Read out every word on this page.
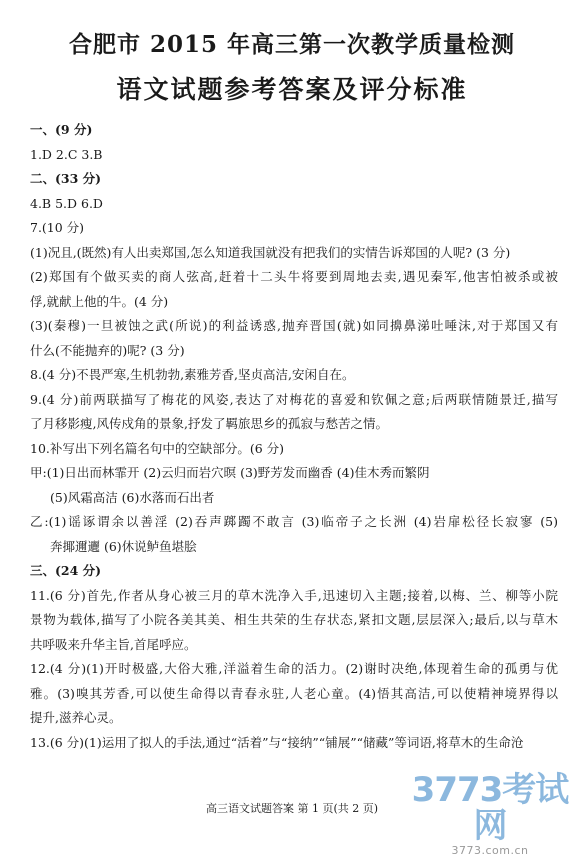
合肥市 2015 年高三第一次教学质量检测
语文试题参考答案及评分标准
一、(9 分)
1.D 2.C 3.B
二、(33 分)
4.B 5.D 6.D
7.(10 分)
(1)况且,(既然)有人出卖郑国,怎么知道我国就没有把我们的实情告诉郑国的人呢? (3 分)
(2)郑国有个做买卖的商人弦高,赶着十二头牛将要到周地去卖,遇见秦军,他害怕被杀或被
俘,就献上他的牛。(4 分)
(3)(秦穆)一旦被蚀之武(所说)的利益诱惑,抛弃晋国(就)如同擤鼻涕吐唾沫,对于郑国又有
什么(不能抛弃的)呢? (3 分)
8.(4 分)不畏严寒,生机勃勃,素雅芳香,坚贞高洁,安闲自在。
9.(4 分)前两联描写了梅花的风姿,表达了对梅花的喜爱和钦佩之意;后两联情随景迁,描写
了月移影瘦,风传戍角的景象,抒发了羁旅思乡的孤寂与愁苦之情。
10.补写出下列名篇名句中的空缺部分。(6 分)
甲:(1)日出而林霏开 (2)云归而岩穴暝 (3)野芳发而幽香 (4)佳木秀而繁阴
(5)风霜高洁 (6)水落而石出者
乙:(1)谣诼谓余以善淫 (2)吞声踯躅不敢言 (3)临帝子之长洲 (4)岩扉松径长寂寥 (5)
奔揶邇邐 (6)休说鲈鱼堪脍
三、(24 分)
11.(6 分)首先,作者从身心被三月的草木洗净入手,迅速切入主题;接着,以梅、兰、柳等小院
景物为载体,描写了小院各美其美、相生共荣的生存状态,紧扣文题,层层深入;最后,以与草木
共呼吸来升华主旨,首尾呼应。
12.(4 分)(1)开时极盛,大俗大雅,洋溢着生命的活力。(2)谢时决绝,体现着生命的孤勇与优
雅。(3)嗅其芳香,可以使生命得以青春永驻,人老心童。(4)悟其高洁,可以使精神境界得以
提升,滋养心灵。
13.(6 分)(1)运用了拟人的手法,通过“活着”与“接纳”“铺展”“储藏”等词语,将草木的生命沧
高三语文试题答案 第 1 页(共 2 页) 3773考试网
3773.com.cn
